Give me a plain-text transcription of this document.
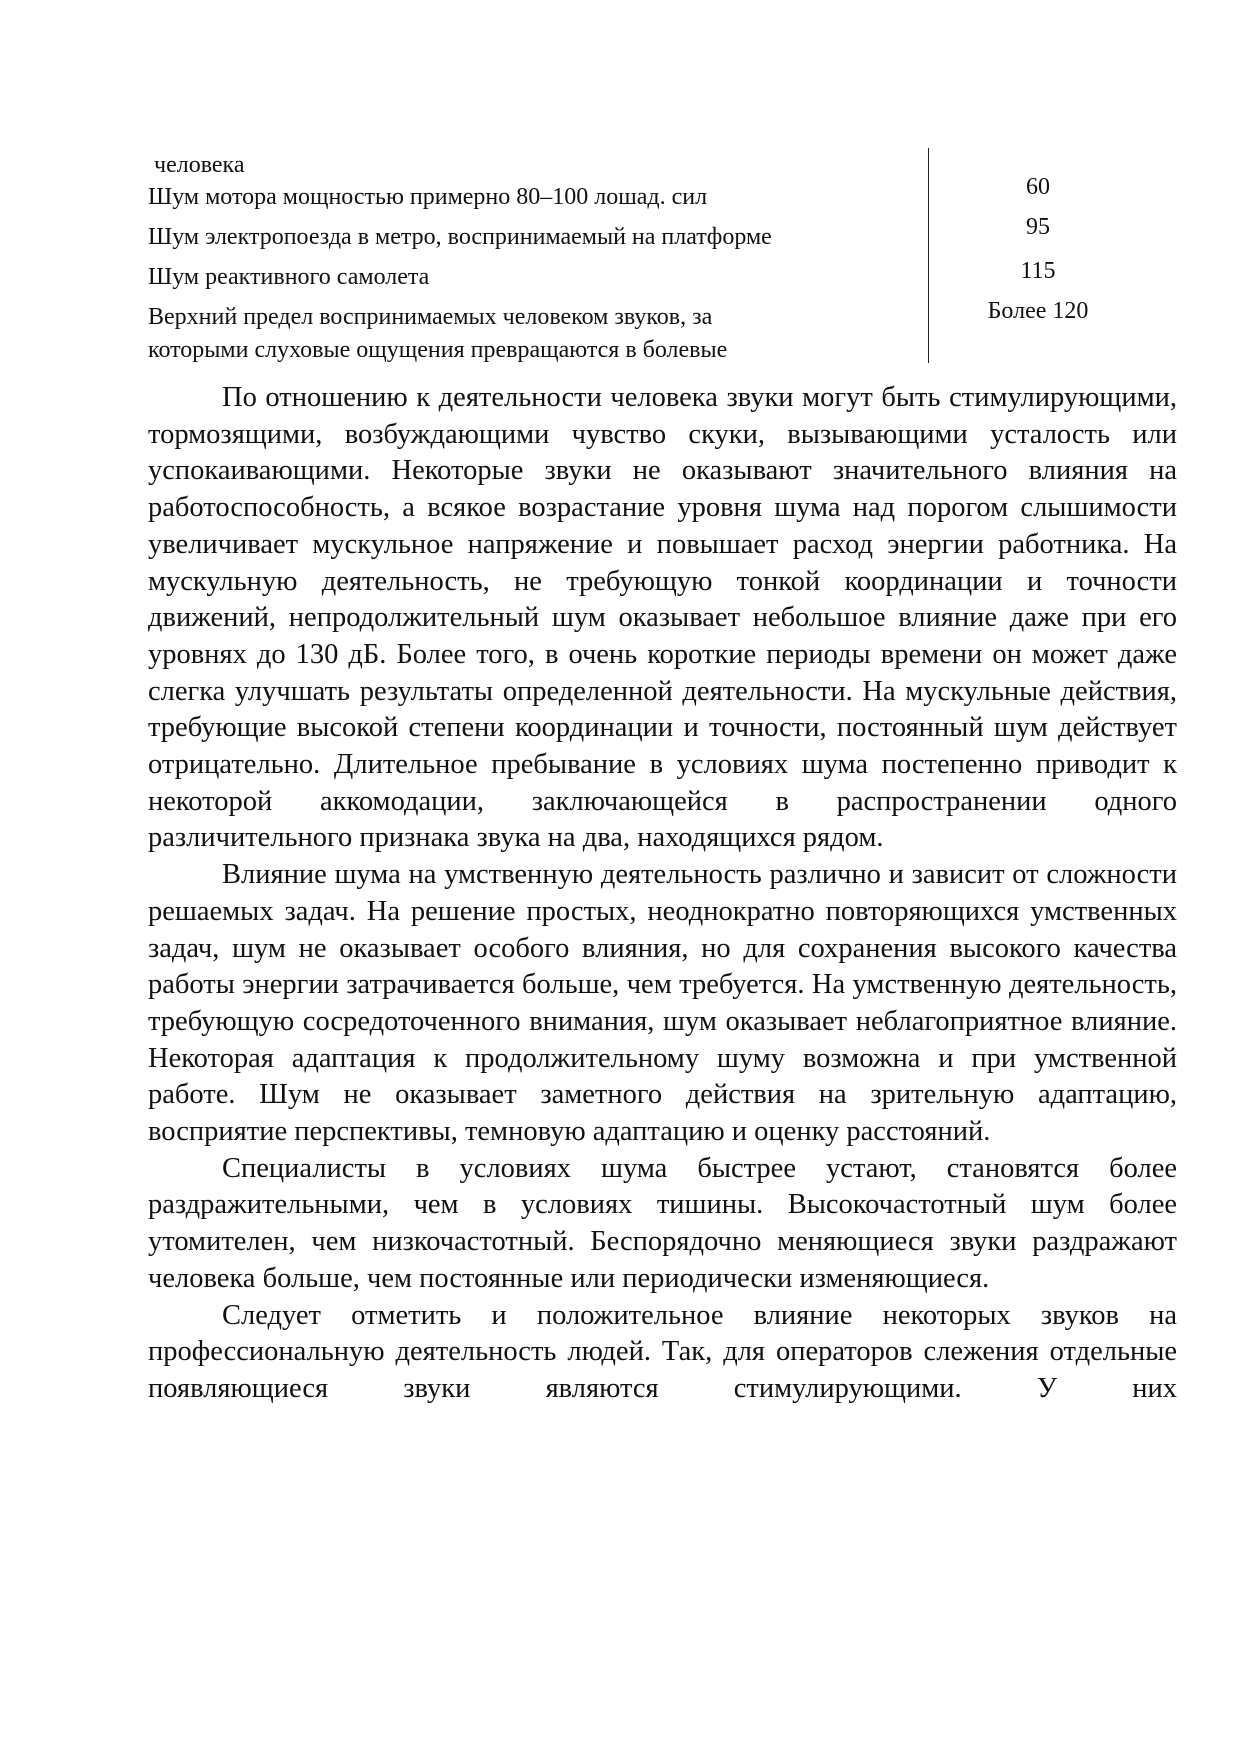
человека
Шум мотора мощностью примерно 80–100 лошад. сил	60
Шум электропоезда в метро, воспринимаемый на платформе	95
Шум реактивного самолета	115
Верхний предел воспринимаемых человеком звуков, за	Более 120
которыми слуховые ощущения превращаются в болевые

По отношению к деятельности человека звуки могут быть стимулирующими, тормозящими, возбуждающими чувство скуки, вызывающими усталость или успокаивающими. Некоторые звуки не оказывают значительного влияния на работоспособность, а всякое возрастание уровня шума над порогом слышимости увеличивает мускульное напряжение и повышает расход энергии работника. На мускульную деятельность, не требующую тонкой координации и точности движений, непродолжительный шум оказывает небольшое влияние даже при его уровнях до 130 дБ. Более того, в очень короткие периоды времени он может даже слегка улучшать результаты определенной деятельности. На мускульные действия, требующие высокой степени координации и точности, постоянный шум действует отрицательно. Длительное пребывание в условиях шума постепенно приводит к некоторой аккомодации, заключающейся в распространении одного различительного признака звука на два, находящихся рядом.

Влияние шума на умственную деятельность различно и зависит от сложности решаемых задач. На решение простых, неоднократно повторяющихся умственных задач, шум не оказывает особого влияния, но для сохранения высокого качества работы энергии затрачивается больше, чем требуется. На умственную деятельность, требующую сосредоточенного внимания, шум оказывает неблагоприятное влияние. Некоторая адаптация к продолжительному шуму возможна и при умственной работе. Шум не оказывает заметного действия на зрительную адаптацию, восприятие перспективы, темновую адаптацию и оценку расстояний.

Специалисты в условиях шума быстрее устают, становятся более раздражительными, чем в условиях тишины. Высокочастотный шум более утомителен, чем низкочастотный. Беспорядочно меняющиеся звуки раздражают человека больше, чем постоянные или периодически изменяющиеся.

Следует отметить и положительное влияние некоторых звуков на профессиональную деятельность людей. Так, для операторов слежения отдельные появляющиеся звуки являются стимулирующими. У них
